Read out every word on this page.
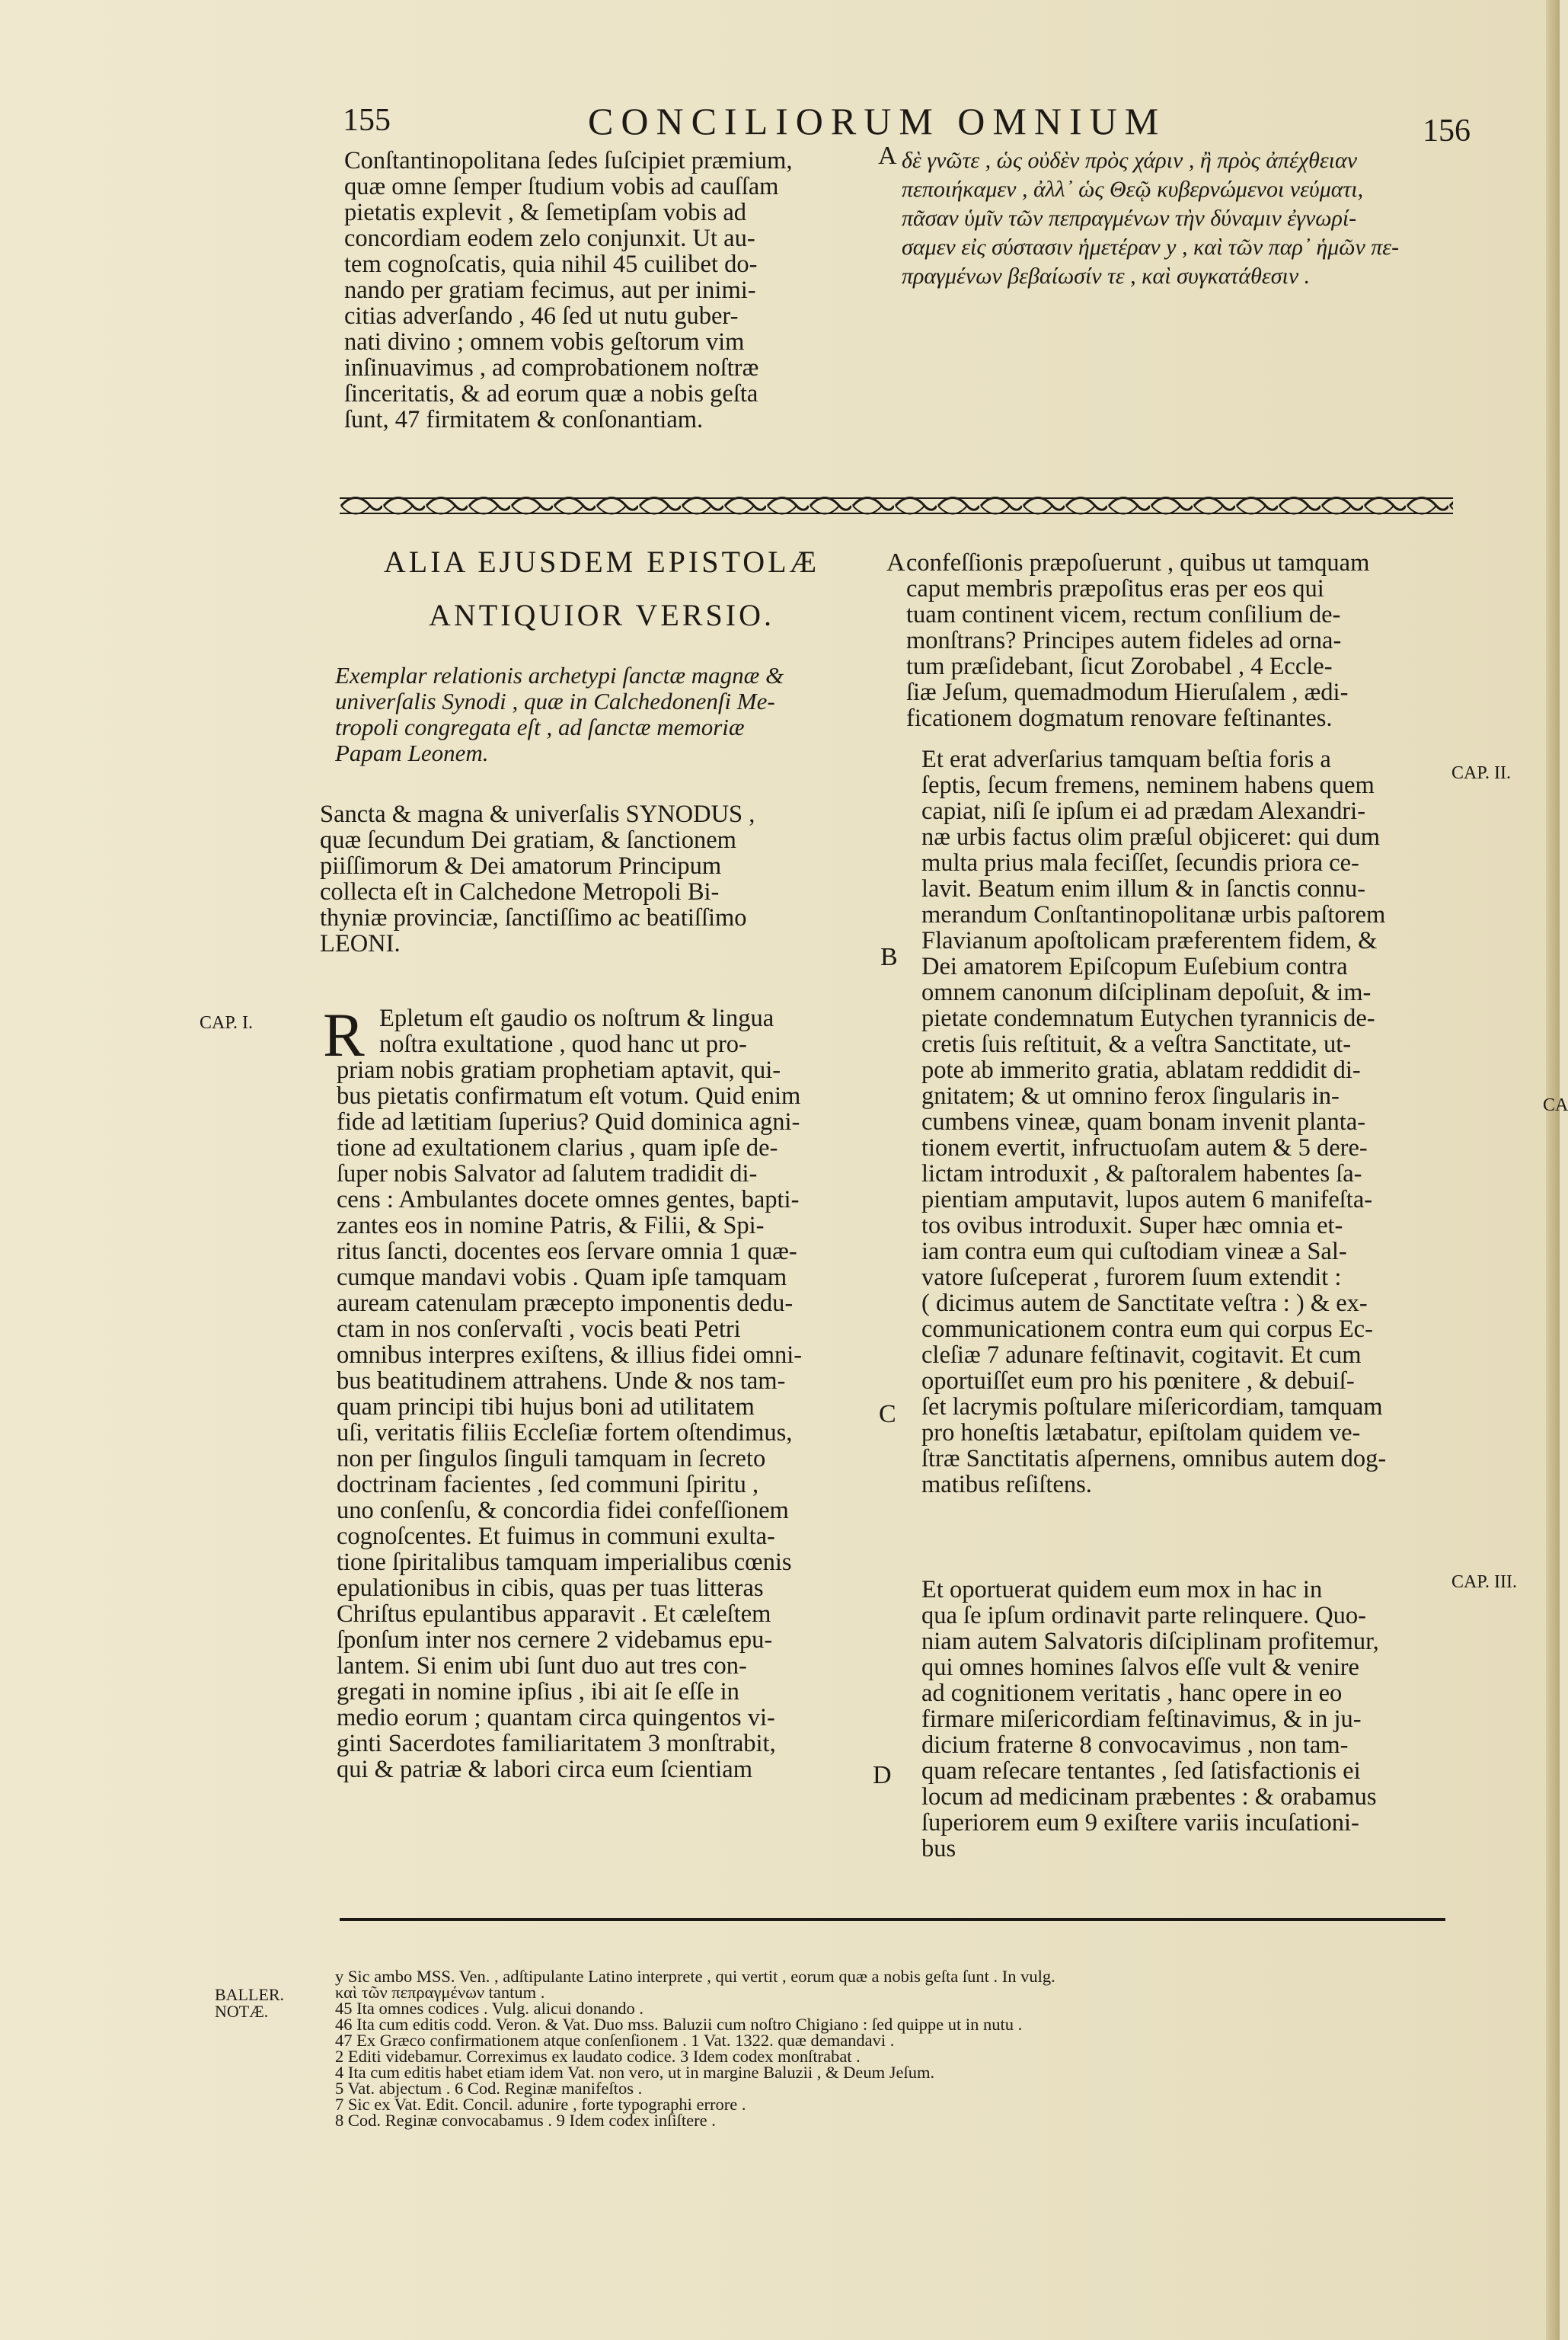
155	CONCILIORUM OMNIUM	156
Conſtantinopolitana ſedes ſuſcipiet præmium,
quæ omne ſemper ſtudium vobis ad cauſſam
pietatis explevit , & ſemetipſam vobis ad
concordiam eodem zelo conjunxit. Ut au-
tem cognoſcatis, quia nihil 45 cuilibet do-
nando per gratiam fecimus, aut per inimi-
citias adverſando , 46 ſed ut nutu guber-
nati divino ; omnem vobis geſtorum vim
inſinuavimus , ad comprobationem noſtræ
ſinceritatis, & ad eorum quæ a nobis geſta
ſunt, 47 firmitatem & conſonantiam.
A δὲ γνῶτε , ὡς οὐδὲν πρὸς χάριν , ἢ πρὸς ἀπέχθειαν
πεποιήκαμεν , ἀλλ᾽ ὡς Θεῷ κυβερνώμενοι νεύματι,
πᾶσαν ὑμῖν τῶν πεπραγμένων τὴν δύναμιν ἐγνωρί-
σαμεν εἰς σύστασιν ἡμετέραν y , καὶ τῶν παρ᾽ ἡμῶν πε-
πραγμένων βεβαίωσίν τε , καὶ συγκατάθεσιν .
ALIA EJUSDEM EPISTOLÆ
ANTIQUIOR VERSIO.
Exemplar relationis archetypi ſanctæ magnæ &
univerſalis Synodi , quæ in Calchedonenſi Me-
tropoli congregata eſt , ad ſanctæ memoriæ
Papam Leonem.
Sancta & magna & univerſalis SYNODUS ,
quæ ſecundum Dei gratiam, & ſanctionem
piiſſimorum & Dei amatorum Principum
collecta eſt in Calchedone Metropoli Bi-
thyniæ provinciæ, ſanctiſſimo ac beatiſſimo
LEONI.
CAP. I. R Epletum eſt gaudio os noſtrum & lingua
noſtra exultatione , quod hanc ut pro-
priam nobis gratiam prophetiam aptavit, qui-
bus pietatis confirmatum eſt votum. Quid enim
fide ad lætitiam ſuperius? Quid dominica agni-
tione ad exultationem clarius , quam ipſe de-
ſuper nobis Salvator ad ſalutem tradidit di-
cens : Ambulantes docete omnes gentes, bapti-
zantes eos in nomine Patris, & Filii, & Spi-
ritus ſancti, docentes eos ſervare omnia 1 quæ-
cumque mandavi vobis . Quam ipſe tamquam
auream catenulam præcepto imponentis dedu-
ctam in nos conſervaſti , vocis beati Petri
omnibus interpres exiſtens, & illius fidei omni-
bus beatitudinem attrahens. Unde & nos tam-
quam principi tibi hujus boni ad utilitatem
uſi, veritatis filiis Eccleſiæ fortem oſtendimus,
non per ſingulos ſinguli tamquam in ſecreto
doctrinam facientes , ſed communi ſpiritu ,
uno conſenſu, & concordia fidei confeſſionem
cognoſcentes. Et fuimus in communi exulta-
tione ſpiritalibus tamquam imperialibus cœnis
epulationibus in cibis, quas per tuas litteras
Chriſtus epulantibus apparavit . Et cæleſtem
ſponſum inter nos cernere 2 videbamus epu-
lantem. Si enim ubi ſunt duo aut tres con-
gregati in nomine ipſius , ibi ait ſe eſſe in
medio eorum ; quantam circa quingentos vi-
ginti Sacerdotes familiaritatem 3 monſtrabit,
qui & patriæ & labori circa eum ſcientiam
A
B
C
D
confeſſionis præpoſuerunt , quibus ut tamquam
caput membris præpoſitus eras per eos qui
tuam continent vicem, rectum conſilium de-
monſtrans? Principes autem fideles ad orna-
tum præſidebant, ſicut Zorobabel , 4 Eccle-
ſiæ Jeſum, quemadmodum Hieruſalem , ædi-
ficationem dogmatum renovare feſtinantes.
Et erat adverſarius tamquam beſtia foris a
ſeptis, ſecum fremens, neminem habens quem
capiat, niſi ſe ipſum ei ad prædam Alexandri-
næ urbis factus olim præſul objiceret: qui dum
multa prius mala feciſſet, ſecundis priora ce-
lavit. Beatum enim illum & in ſanctis connu-
merandum Conſtantinopolitanæ urbis paſtorem
Flavianum apoſtolicam præferentem fidem, &
Dei amatorem Epiſcopum Euſebium contra
omnem canonum diſciplinam depoſuit, & im-
pietate condemnatum Eutychen tyrannicis de-
cretis ſuis reſtituit, & a veſtra Sanctitate, ut-
pote ab immerito gratia, ablatam reddidit di-
gnitatem; & ut omnino ferox ſingularis in-
cumbens vineæ, quam bonam invenit planta-
tionem evertit, infructuoſam autem & 5 dere-
lictam introduxit , & paſtoralem habentes ſa-
pientiam amputavit, lupos autem 6 manifeſta-
tos ovibus introduxit. Super hæc omnia et-
iam contra eum qui cuſtodiam vineæ a Sal-
vatore ſuſceperat , furorem ſuum extendit :
( dicimus autem de Sanctitate veſtra : ) & ex-
communicationem contra eum qui corpus Ec-
cleſiæ 7 adunare feſtinavit, cogitavit. Et cum
oportuiſſet eum pro his pœnitere , & debuiſ-
ſet lacrymis poſtulare miſericordiam, tamquam
pro honeſtis lætabatur, epiſtolam quidem ve-
ſtræ Sanctitatis aſpernens, omnibus autem dog-
matibus reſiſtens.
Et oportuerat quidem eum mox in hac in
qua ſe ipſum ordinavit parte relinquere. Quo-
niam autem Salvatoris diſciplinam profitemur,
qui omnes homines ſalvos eſſe vult & venire
ad cognitionem veritatis , hanc opere in eo
firmare miſericordiam feſtinavimus, & in ju-
dicium fraterne 8 convocavimus , non tam-
quam reſecare tentantes , ſed ſatisfactionis ei
locum ad medicinam præbentes : & orabamus
ſuperiorem eum 9 exiſtere variis incuſationi-
bus
CAP. II.
CA
CAP. III.
BALLER.
NOTÆ.
y Sic ambo MSS. Ven. , adſtipulante Latino interprete , qui vertit , eorum quæ a nobis geſta ſunt . In vulg.
καὶ τῶν πεπραγμένων tantum .
45 Ita omnes codices . Vulg. alicui donando .
46 Ita cum editis codd. Veron. & Vat. Duo mss. Baluzii cum noſtro Chigiano : ſed quippe ut in nutu .
47 Ex Græco confirmationem atque conſenſionem . 1 Vat. 1322. quæ demandavi .
2 Editi videbamur. Correximus ex laudato codice. 3 Idem codex monſtrabat .
4 Ita cum editis habet etiam idem Vat. non vero, ut in margine Baluzii , & Deum Jeſum.
5 Vat. abjectum . 6 Cod. Reginæ manifeſtos .
7 Sic ex Vat. Edit. Concil. adunire , forte typographi errore .
8 Cod. Reginæ convocabamus . 9 Idem codex inſiſtere .
